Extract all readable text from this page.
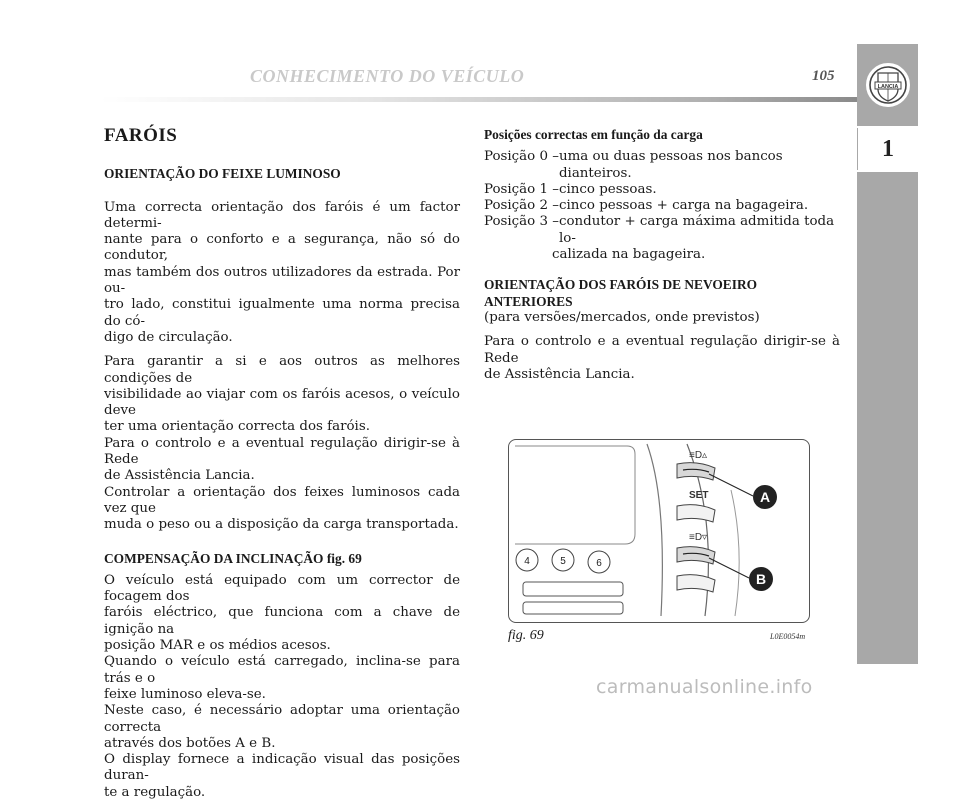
CONHECIMENTO DO VEÍCULO	105
LANCIA
1
FARÓIS
ORIENTAÇÃO DO FEIXE LUMINOSO
Uma correcta orientação dos faróis é um factor determi-
nante para o conforto e a segurança, não só do condutor,
mas também dos outros utilizadores da estrada. Por ou-
tro lado, constitui igualmente uma norma precisa do có-
digo de circulação.
Para garantir a si e aos outros as melhores condições de
visibilidade ao viajar com os faróis acesos, o veículo deve
ter uma orientação correcta dos faróis.
Para o controlo e a eventual regulação dirigir-se à Rede
de Assistência Lancia.
Controlar a orientação dos feixes luminosos cada vez que
muda o peso ou a disposição da carga transportada.
COMPENSAÇÃO DA INCLINAÇÃO fig. 69
O veículo está equipado com um corrector de focagem dos
faróis eléctrico, que funciona com a chave de ignição na
posição MAR e os médios acesos.
Quando o veículo está carregado, inclina-se para trás e o
feixe luminoso eleva-se.
Neste caso, é necessário adoptar uma orientação correcta
através dos botões A e B.
O display fornece a indicação visual das posições duran-
te a regulação.
Posições correctas em função da carga
Posição 0 – uma ou duas pessoas nos bancos dianteiros.
Posição 1 – cinco pessoas.
Posição 2 – cinco pessoas + carga na bagageira.
Posição 3 – condutor + carga máxima admitida toda lo-
calizada na bagageira.
ORIENTAÇÃO DOS FARÓIS DE NEVOEIRO
ANTERIORES
(para versões/mercados, onde previstos)
Para o controlo e a eventual regulação dirigir-se à Rede
de Assistência Lancia.
≡D▵
SET
≡D▿
4	5	6
A
B
fig. 69	L0E0054m
carmanualsonline.info
